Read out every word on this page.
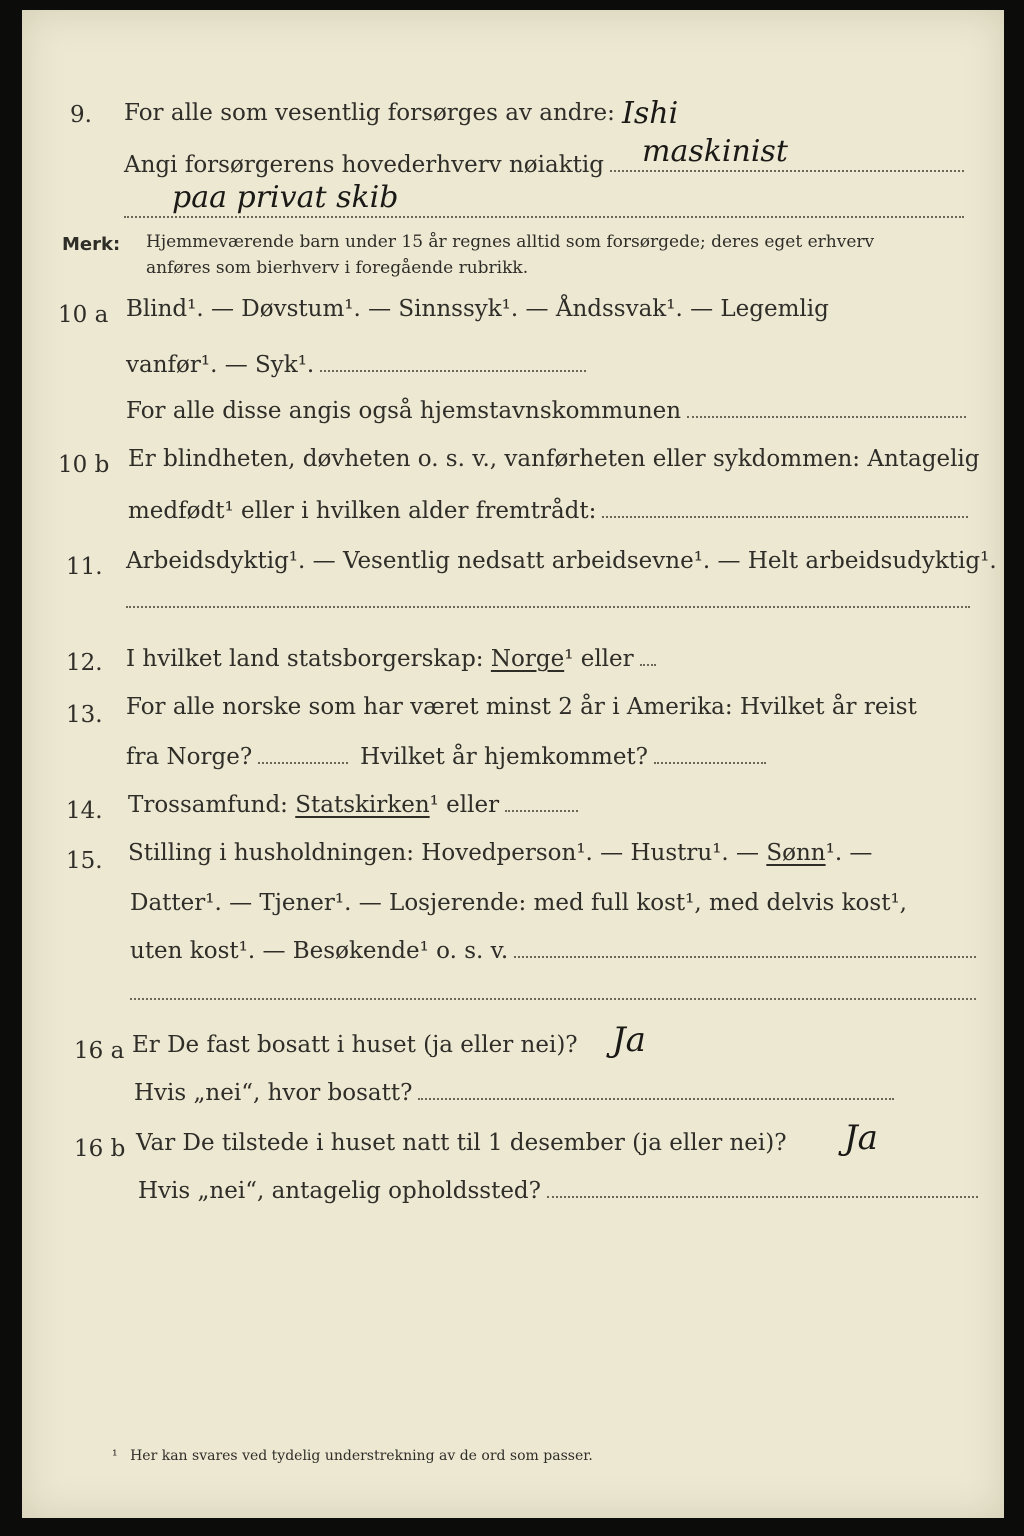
9. For alle som vesentlig forsørges av andre: Ishi
Angi forsørgerens hovederhverv nøiaktig maskinist
paa privat skib
Merk: Hjemmeværende barn under 15 år regnes alltid som forsørgede; deres eget erhverv
anføres som bierhverv i foregående rubrikk.
10 a Blind¹. — Døvstum¹. — Sinnssyk¹. — Åndssvak¹. — Legemlig
vanfør¹. — Syk¹.
For alle disse angis også hjemstavnskommunen
10 b Er blindheten, døvheten o. s. v., vanførheten eller sykdommen: Antagelig
medfødt¹ eller i hvilken alder fremtrådt:
11. Arbeidsdyktig¹. — Vesentlig nedsatt arbeidsevne¹. — Helt arbeidsudyktig¹.
12. I hvilket land statsborgerskap:
Norge ¹ eller
13. For alle norske som har været minst 2 år i Amerika: Hvilket år reist
fra Norge?	Hvilket år hjemkommet?
14. Trossamfund:
Statskirken ¹ eller
15. Stilling i husholdningen: Hovedperson¹. — Hustru¹. —
Sønn ¹. —
Datter¹. — Tjener¹. — Losjerende: med full kost¹, med delvis kost¹,
uten kost¹. — Besøkende¹ o. s. v.
16 a Er De fast bosatt i huset (ja eller nei)? Ja
Hvis „nei“, hvor bosatt?
16 b Var De tilstede i huset natt til 1 desember (ja eller nei)? Ja
Hvis „nei“, antagelig opholdssted?
¹ Her kan svares ved tydelig understrekning av de ord som passer.
